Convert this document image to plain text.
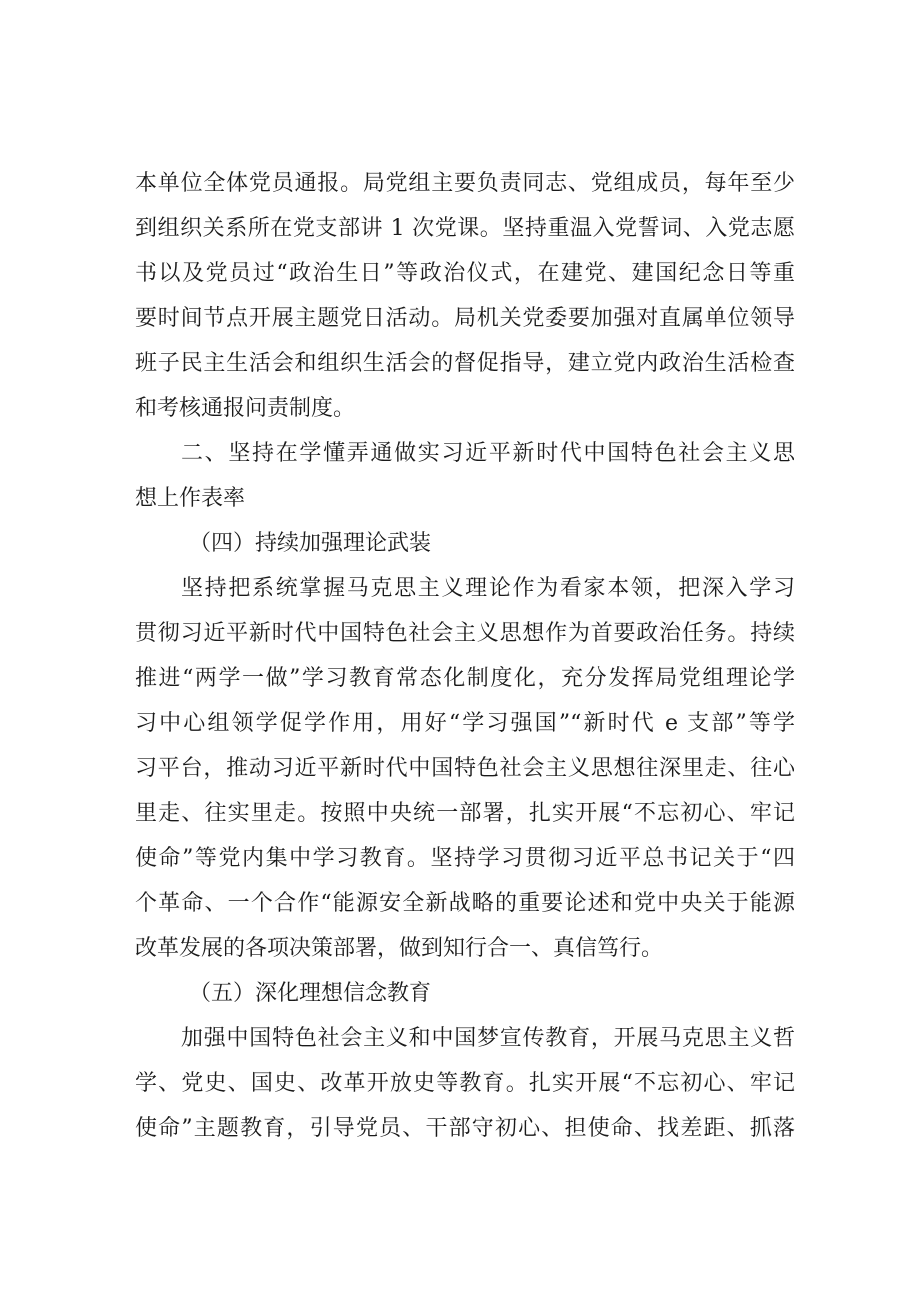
本单位全体党员通报。局党组主要负责同志、党组成员，每年至少
到组织关系所在党支部讲 1 次党课。坚持重温入党誓词、入党志愿
书以及党员过“政治生日”等政治仪式，在建党、建国纪念日等重
要时间节点开展主题党日活动。局机关党委要加强对直属单位领导
班子民主生活会和组织生活会的督促指导，建立党内政治生活检查
和考核通报问责制度。
二、坚持在学懂弄通做实习近平新时代中国特色社会主义思
想上作表率
（四）持续加强理论武装
坚持把系统掌握马克思主义理论作为看家本领，把深入学习
贯彻习近平新时代中国特色社会主义思想作为首要政治任务。持续
推进“两学一做”学习教育常态化制度化，充分发挥局党组理论学
习中心组领学促学作用，用好“学习强国”“新时代 e 支部”等学
习平台，推动习近平新时代中国特色社会主义思想往深里走、往心
里走、往实里走。按照中央统一部署，扎实开展“不忘初心、牢记
使命”等党内集中学习教育。坚持学习贯彻习近平总书记关于“四
个革命、一个合作“能源安全新战略的重要论述和党中央关于能源
改革发展的各项决策部署，做到知行合一、真信笃行。
（五）深化理想信念教育
加强中国特色社会主义和中国梦宣传教育，开展马克思主义哲
学、党史、国史、改革开放史等教育。扎实开展“不忘初心、牢记
使命”主题教育，引导党员、干部守初心、担使命、找差距、抓落
